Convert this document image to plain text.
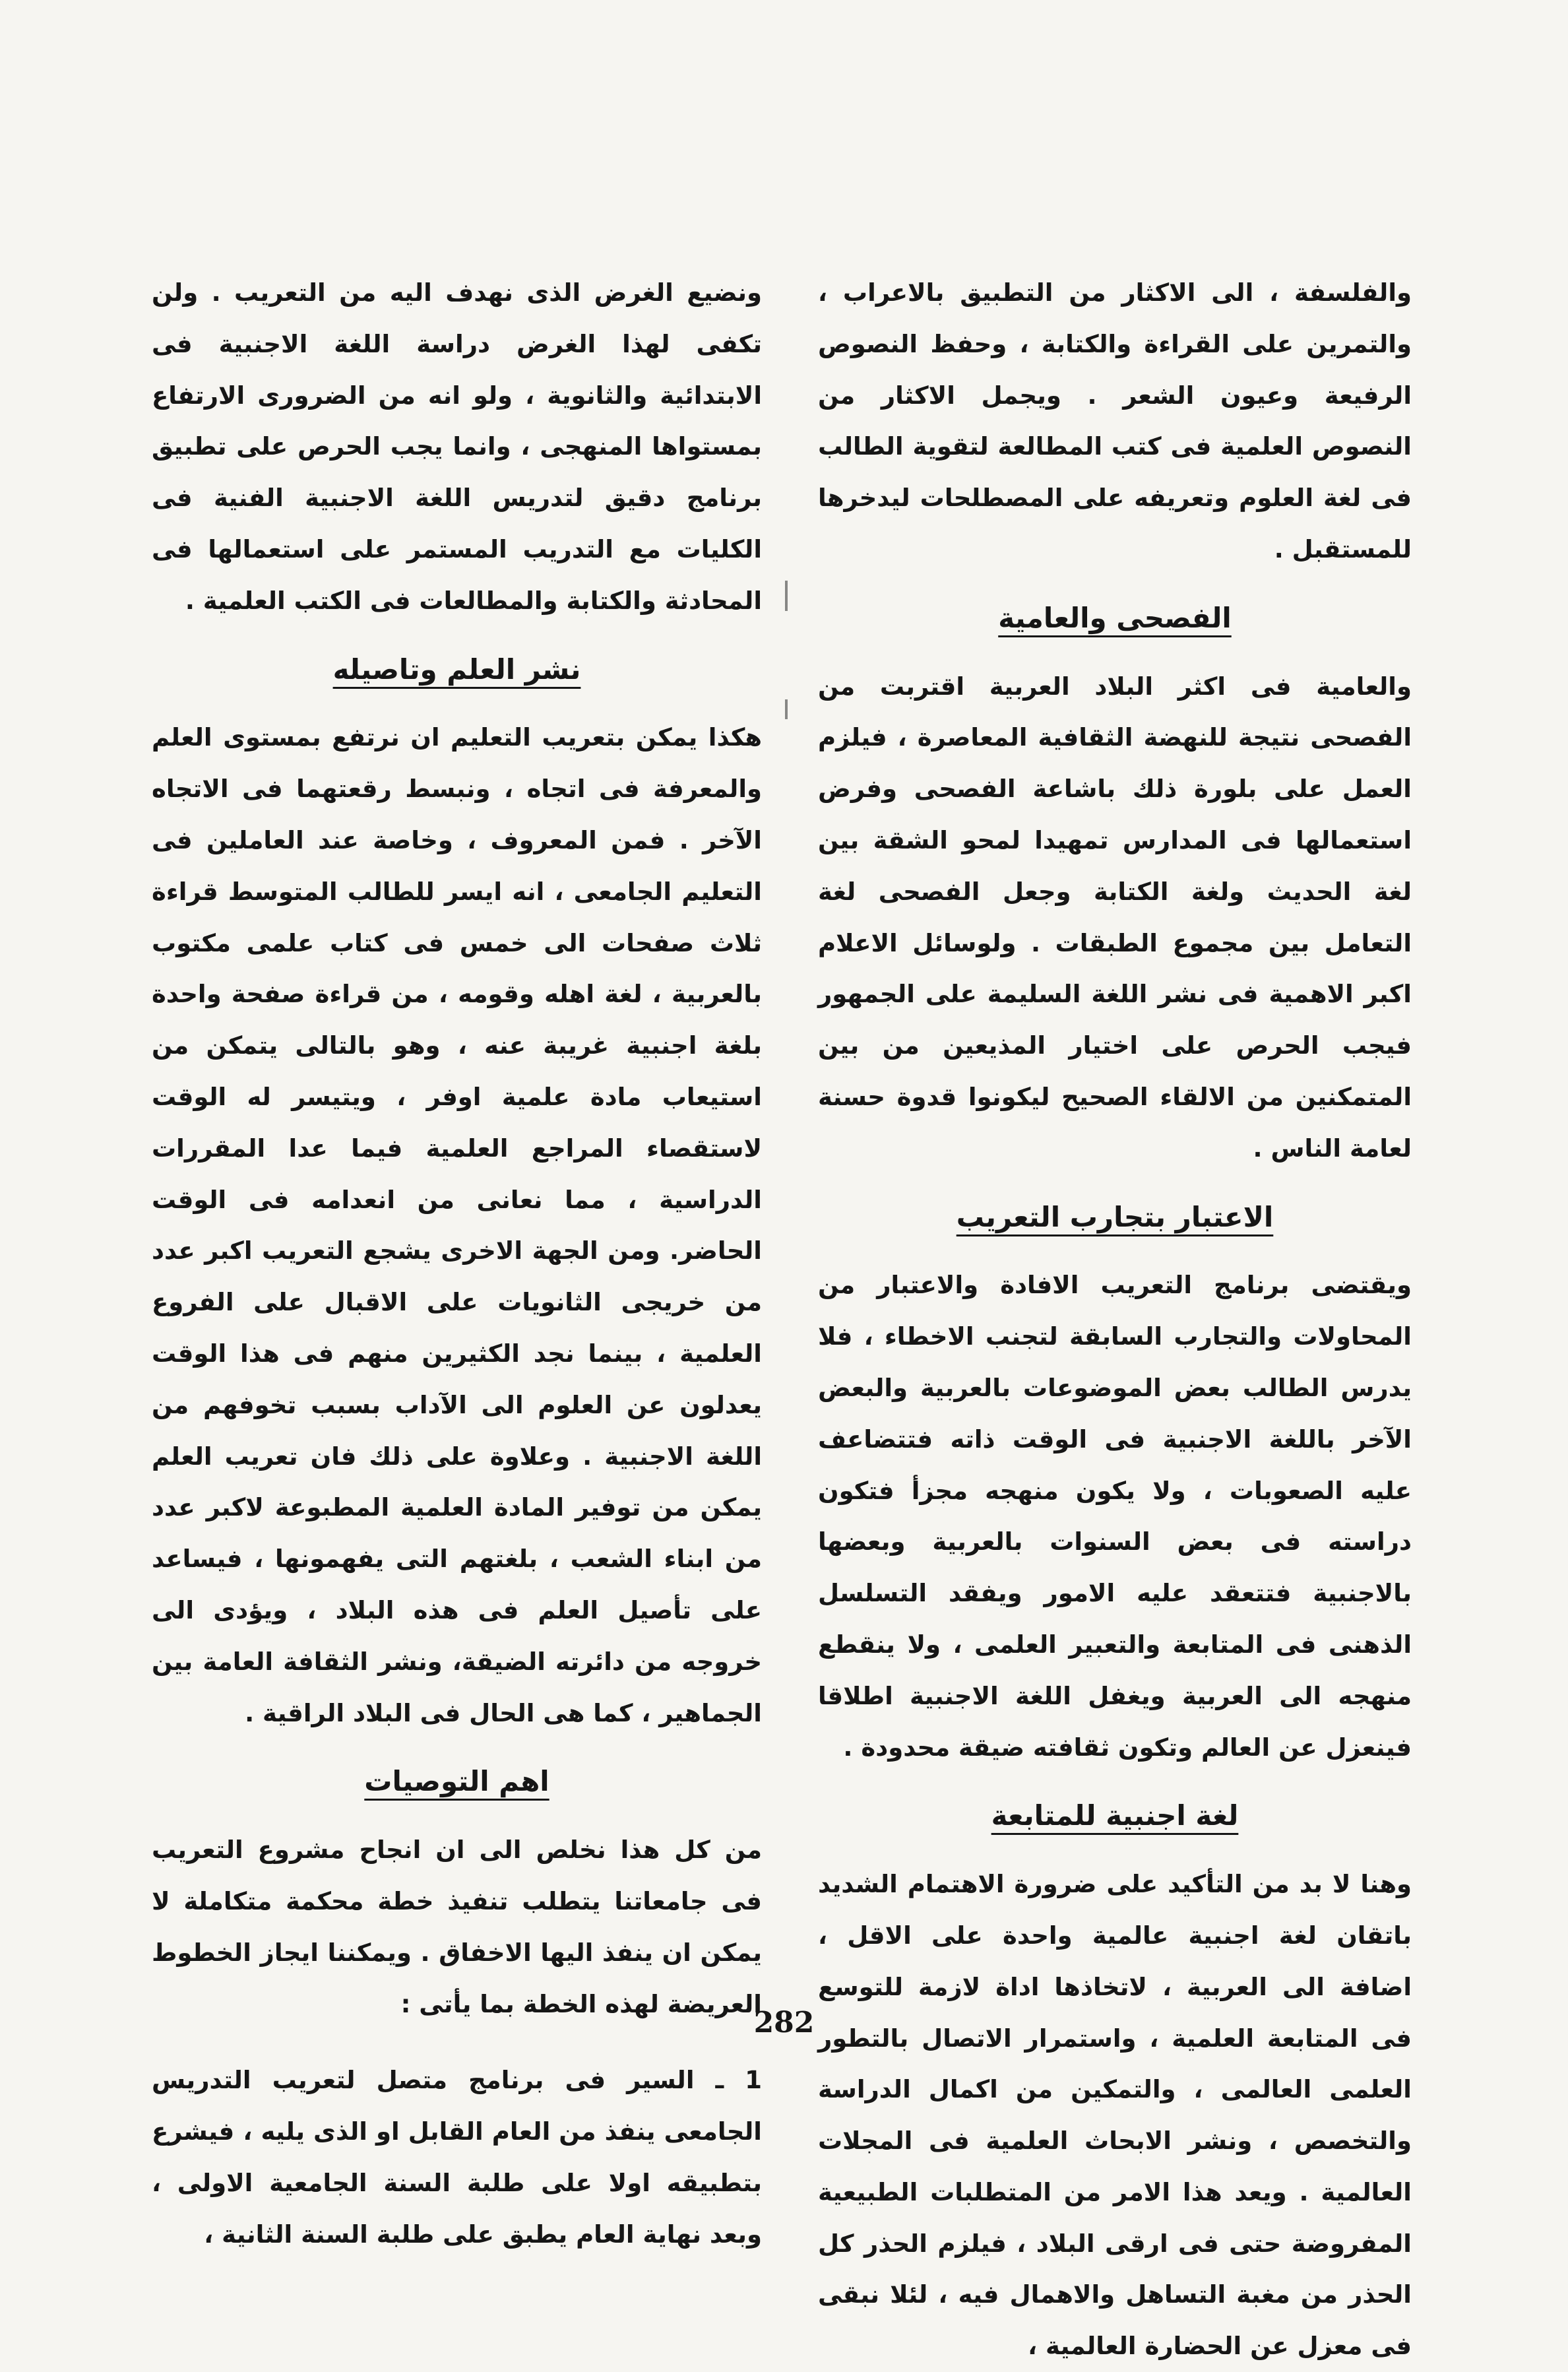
والفلسفة ، الى الاكثار من التطبيق بالاعراب ، والتمرين على القراءة والكتابة ، وحفظ النصوص الرفيعة وعيون الشعر . ويجمل الاكثار من النصوص العلمية فى كتب المطالعة لتقوية الطالب فى لغة العلوم وتعريفه على المصطلحات ليدخرها للمستقبل .

الفصحى والعامية

والعامية فى اكثر البلاد العربية اقتربت من الفصحى نتيجة للنهضة الثقافية المعاصرة ، فيلزم العمل على بلورة ذلك باشاعة الفصحى وفرض استعمالها فى المدارس تمهيدا لمحو الشقة بين لغة الحديث ولغة الكتابة وجعل الفصحى لغة التعامل بين مجموع الطبقات . ولوسائل الاعلام اكبر الاهمية فى نشر اللغة السليمة على الجمهور فيجب الحرص على اختيار المذيعين من بين المتمكنين من الالقاء الصحيح ليكونوا قدوة حسنة لعامة الناس .

الاعتبار بتجارب التعريب

ويقتضى برنامج التعريب الافادة والاعتبار من المحاولات والتجارب السابقة لتجنب الاخطاء ، فلا يدرس الطالب بعض الموضوعات بالعربية والبعض الآخر باللغة الاجنبية فى الوقت ذاته فتتضاعف عليه الصعوبات ، ولا يكون منهجه مجزأ فتكون دراسته فى بعض السنوات بالعربية وبعضها بالاجنبية فتتعقد عليه الامور ويفقد التسلسل الذهنى فى المتابعة والتعبير العلمى ، ولا ينقطع منهجه الى العربية ويغفل اللغة الاجنبية اطلاقا فينعزل عن العالم وتكون ثقافته ضيقة محدودة .

لغة اجنبية للمتابعة

وهنا لا بد من التأكيد على ضرورة الاهتمام الشديد باتقان لغة اجنبية عالمية واحدة على الاقل ، اضافة الى العربية ، لاتخاذها اداة لازمة للتوسع فى المتابعة العلمية ، واستمرار الاتصال بالتطور العلمى العالمى ، والتمكين من اكمال الدراسة والتخصص ، ونشر الابحاث العلمية فى المجلات العالمية . ويعد هذا الامر من المتطلبات الطبيعية المفروضة حتى فى ارقى البلاد ، فيلزم الحذر كل الحذر من مغبة التساهل والاهمال فيه ، لئلا نبقى فى معزل عن الحضارة العالمية ،

ونضيع الغرض الذى نهدف اليه من التعريب . ولن تكفى لهذا الغرض دراسة اللغة الاجنبية فى الابتدائية والثانوية ، ولو انه من الضرورى الارتفاع بمستواها المنهجى ، وانما يجب الحرص على تطبيق برنامج دقيق لتدريس اللغة الاجنبية الفنية فى الكليات مع التدريب المستمر على استعمالها فى المحادثة والكتابة والمطالعات فى الكتب العلمية .

نشر العلم وتاصيله

هكذا يمكن بتعريب التعليم ان نرتفع بمستوى العلم والمعرفة فى اتجاه ، ونبسط رقعتهما فى الاتجاه الآخر . فمن المعروف ، وخاصة عند العاملين فى التعليم الجامعى ، انه ايسر للطالب المتوسط قراءة ثلاث صفحات الى خمس فى كتاب علمى مكتوب بالعربية ، لغة اهله وقومه ، من قراءة صفحة واحدة بلغة اجنبية غريبة عنه ، وهو بالتالى يتمكن من استيعاب مادة علمية اوفر ، ويتيسر له الوقت لاستقصاء المراجع العلمية فيما عدا المقررات الدراسية ، مما نعانى من انعدامه فى الوقت الحاضر. ومن الجهة الاخرى يشجع التعريب اكبر عدد من خريجى الثانويات على الاقبال على الفروع العلمية ، بينما نجد الكثيرين منهم فى هذا الوقت يعدلون عن العلوم الى الآداب بسبب تخوفهم من اللغة الاجنبية . وعلاوة على ذلك فان تعريب العلم يمكن من توفير المادة العلمية المطبوعة لاكبر عدد من ابناء الشعب ، بلغتهم التى يفهمونها ، فيساعد على تأصيل العلم فى هذه البلاد ، ويؤدى الى خروجه من دائرته الضيقة، ونشر الثقافة العامة بين الجماهير ، كما هى الحال فى البلاد الراقية .

اهم التوصيات

من كل هذا نخلص الى ان انجاح مشروع التعريب فى جامعاتنا يتطلب تنفيذ خطة محكمة متكاملة لا يمكن ان ينفذ اليها الاخفاق . ويمكننا ايجاز الخطوط العريضة لهذه الخطة بما يأتى :

1 ـ السير فى برنامج متصل لتعريب التدريس الجامعى ينفذ من العام القابل او الذى يليه ، فيشرع بتطبيقه اولا على طلبة السنة الجامعية الاولى ، وبعد نهاية العام يطبق على طلبة السنة الثانية ،

282
